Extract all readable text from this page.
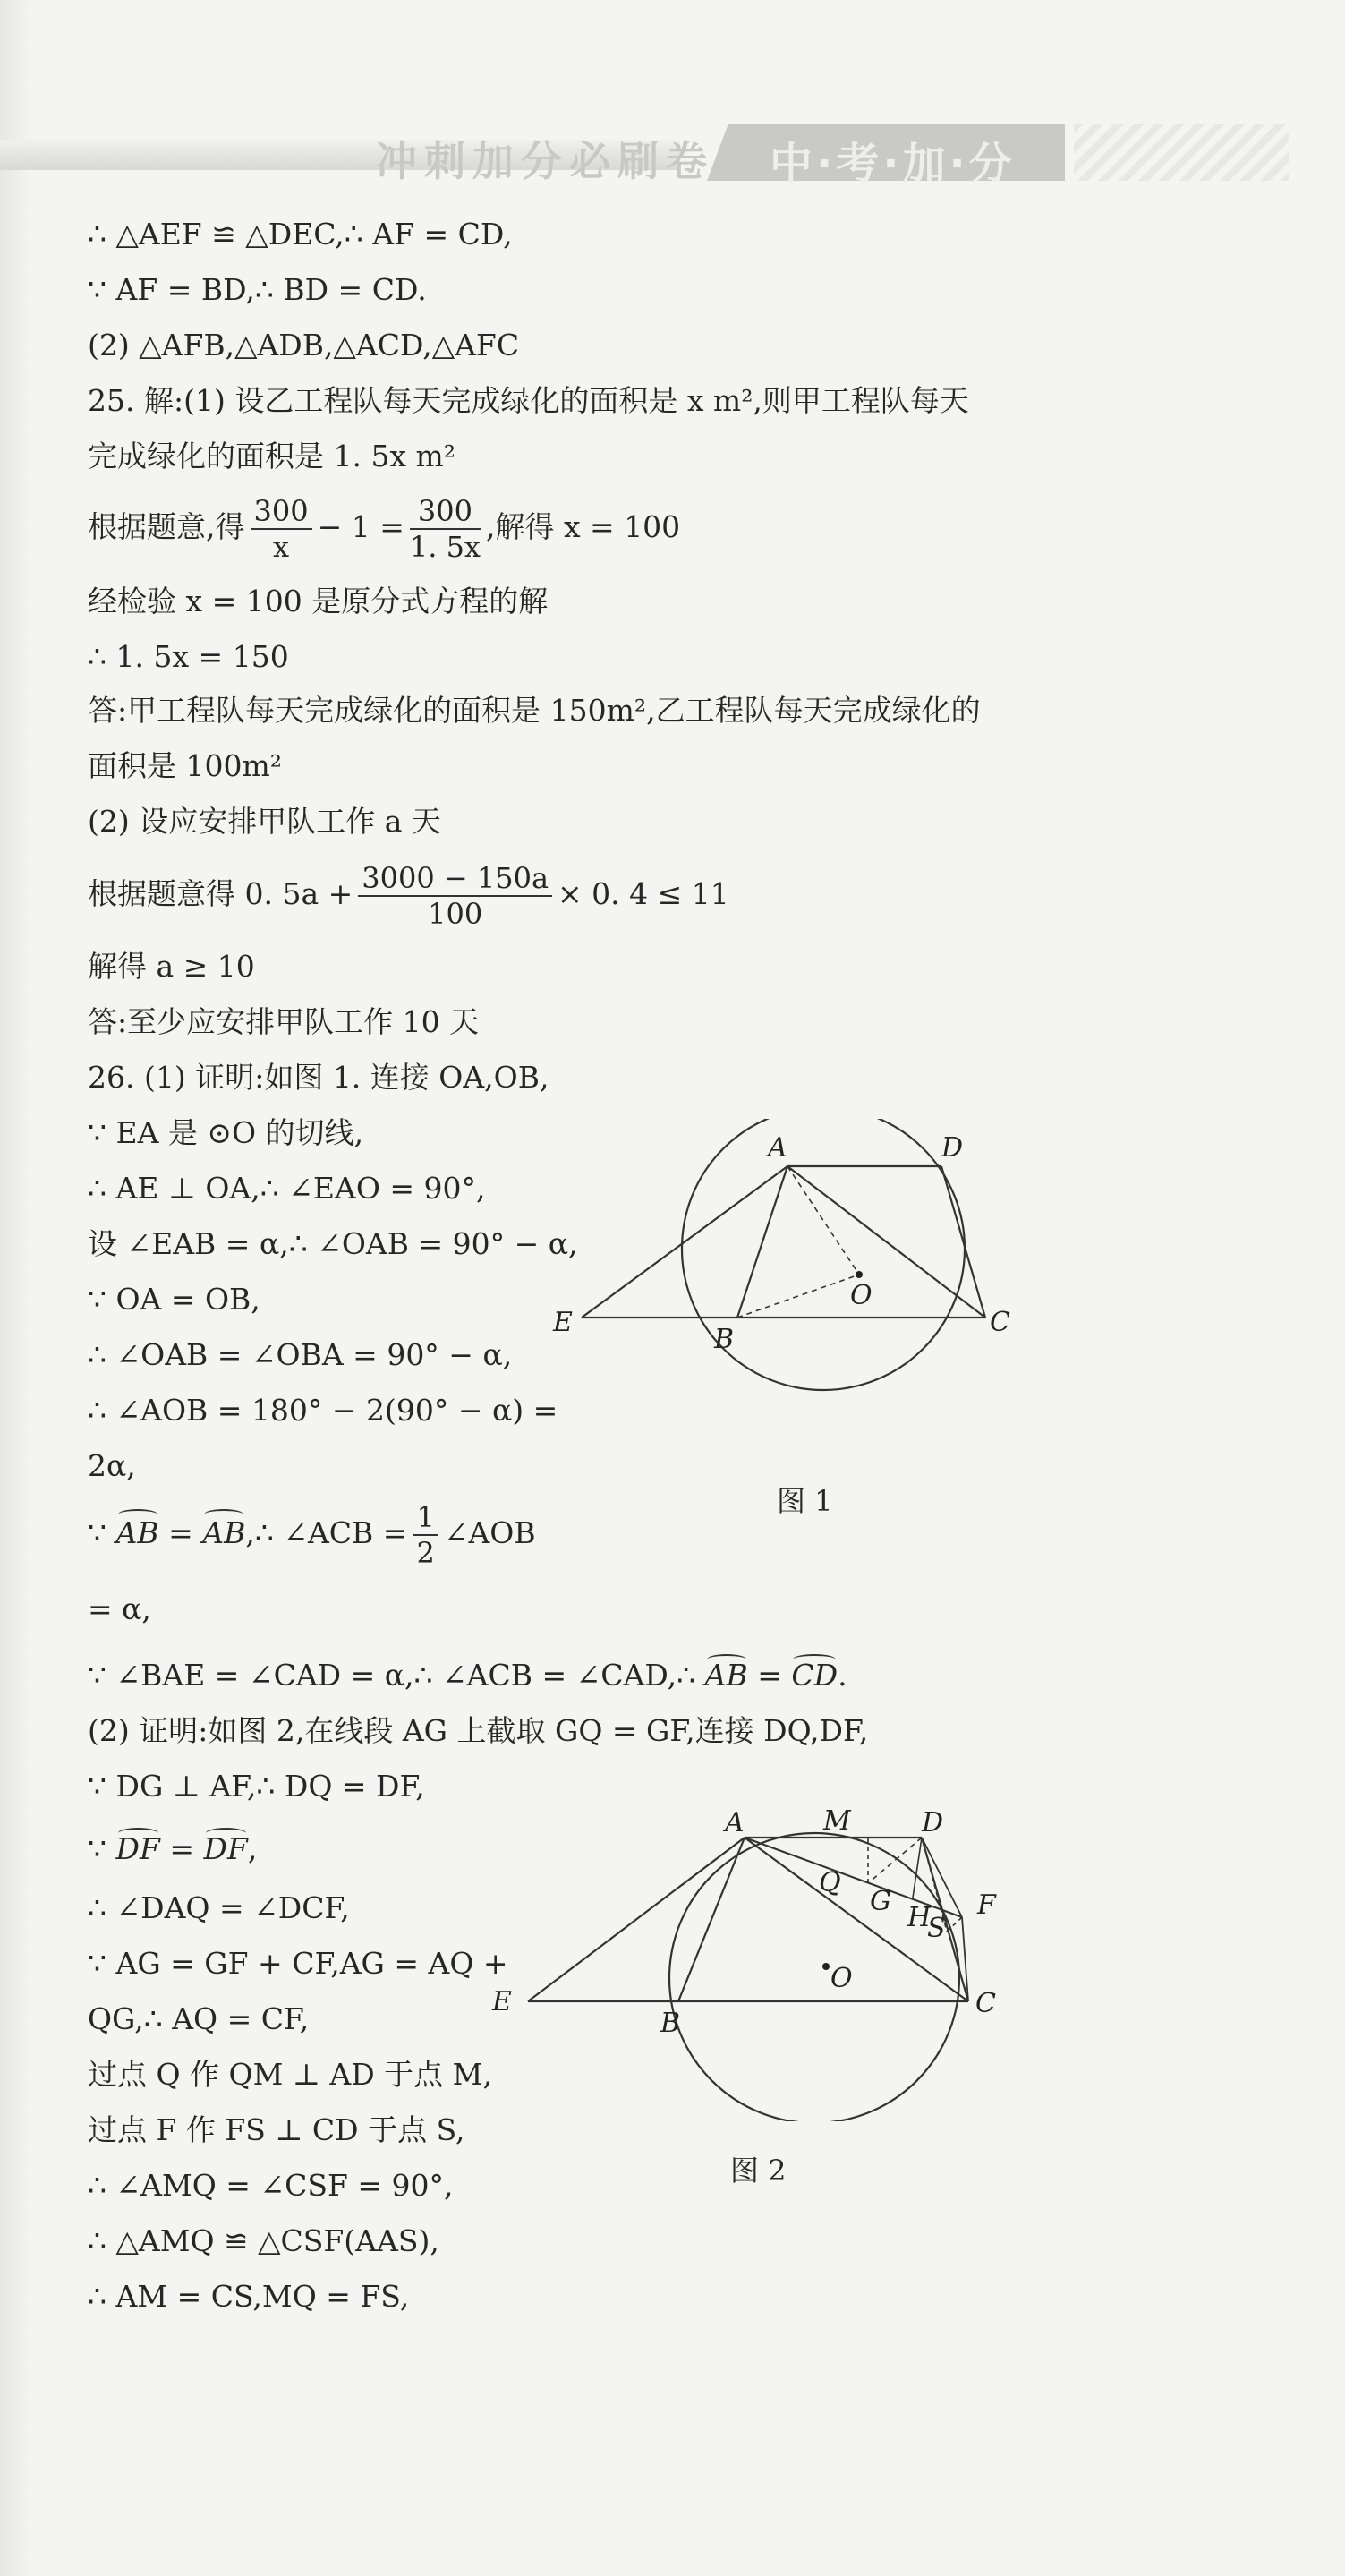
冲刺加分必刷卷 中·考·加·分
∴ △AEF ≌ △DEC,∴ AF = CD,
∵ AF = BD,∴ BD = CD.
(2) △AFB,△ADB,△ACD,△AFC
25. 解:(1) 设乙工程队每天完成绿化的面积是 x m²,则甲工程队每天
完成绿化的面积是 1. 5x m²
根据题意,得 $\frac{300}{x} - 1 = \frac{300}{1. 5x}$ ,解得 x = 100
经检验 x = 100 是原分式方程的解
∴ 1. 5x = 150
答:甲工程队每天完成绿化的面积是 150m²,乙工程队每天完成绿化的
面积是 100m²
(2) 设应安排甲队工作 a 天
根据题意得 0. $5a + \frac{3000 - 150a}{100} \times 0$. 4 ≤ 11
解得 a ≥ 10
答:至少应安排甲队工作 10 天
26. (1) 证明:如图 1. 连接 OA,OB,
∵ EA 是 ⊙O 的切线,
∴ AE ⊥ OA,∴ ∠EAO = 90°,
设 ∠EAB = α,∴ ∠OAB = 90° − α,
∵ OA = OB,
∴ ∠OAB = ∠OBA = 90° − α,
∴ ∠AOB = 180° − 2(90° − α) =
2α,
∵ AB = AB,∴ ∠ACB = $\frac{1}{2}$ ∠AOB
= α,
∵ ∠BAE = ∠CAD = α,∴ ∠ACB = ∠CAD,∴ AB = CD.
(2) 证明:如图 2,在线段 AG 上截取 GQ = GF,连接 DQ,DF,
∵ DG ⊥ AF,∴ DQ = DF,
∵ DF = DF,
∴ ∠DAQ = ∠DCF,
∵ AG = GF + CF,AG = AQ +
QG,∴ AQ = CF,
过点 Q 作 QM ⊥ AD 于点 M,
过点 F 作 FS ⊥ CD 于点 S,
∴ ∠AMQ = ∠CSF = 90°,
∴ △AMQ ≌ △CSF(AAS),
∴ AM = CS,MQ = FS,
A	D
O
E
B
C
图 1
A	M	D
Q
G
H
S
F
O
E
B
C
图 2
